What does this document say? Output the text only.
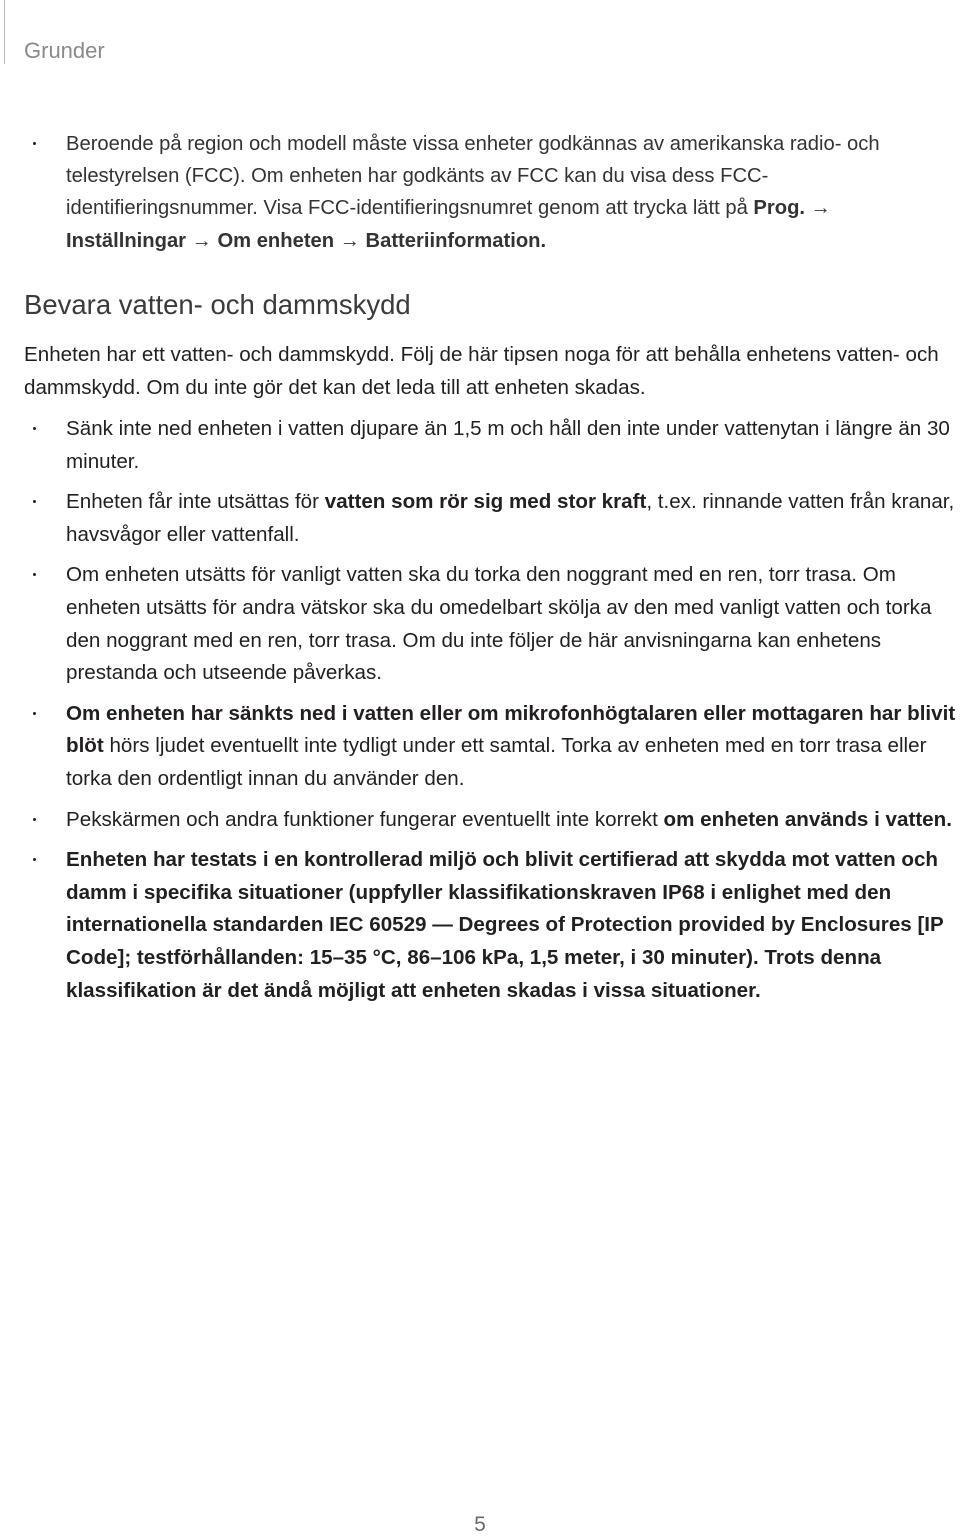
Grunder
Beroende på region och modell måste vissa enheter godkännas av amerikanska radio- och telestyrelsen (FCC). Om enheten har godkänts av FCC kan du visa dess FCC-identifieringsnummer. Visa FCC-identifieringsnumret genom att trycka lätt på Prog. → Inställningar → Om enheten → Batteriinformation.
Bevara vatten- och dammskydd

Enheten har ett vatten- och dammskydd. Följ de här tipsen noga för att behålla enhetens vatten- och dammskydd. Om du inte gör det kan det leda till att enheten skadas.

Sänk inte ned enheten i vatten djupare än 1,5 m och håll den inte under vattenytan i längre än 30 minuter.
Enheten får inte utsättas för vatten som rör sig med stor kraft, t.ex. rinnande vatten från kranar, havsvågor eller vattenfall.
Om enheten utsätts för vanligt vatten ska du torka den noggrant med en ren, torr trasa. Om enheten utsätts för andra vätskor ska du omedelbart skölja av den med vanligt vatten och torka den noggrant med en ren, torr trasa. Om du inte följer de här anvisningarna kan enhetens prestanda och utseende påverkas.
Om enheten har sänkts ned i vatten eller om mikrofonhögtalaren eller mottagaren har blivit blöt hörs ljudet eventuellt inte tydligt under ett samtal. Torka av enheten med en torr trasa eller torka den ordentligt innan du använder den.
Pekskärmen och andra funktioner fungerar eventuellt inte korrekt om enheten används i vatten.
Enheten har testats i en kontrollerad miljö och blivit certifierad att skydda mot vatten och damm i specifika situationer (uppfyller klassifikationskraven IP68 i enlighet med den internationella standarden IEC 60529 — Degrees of Protection provided by Enclosures [IP Code]; testförhållanden: 15–35 °C, 86–106 kPa, 1,5 meter, i 30 minuter). Trots denna klassifikation är det ändå möjligt att enheten skadas i vissa situationer.
5
